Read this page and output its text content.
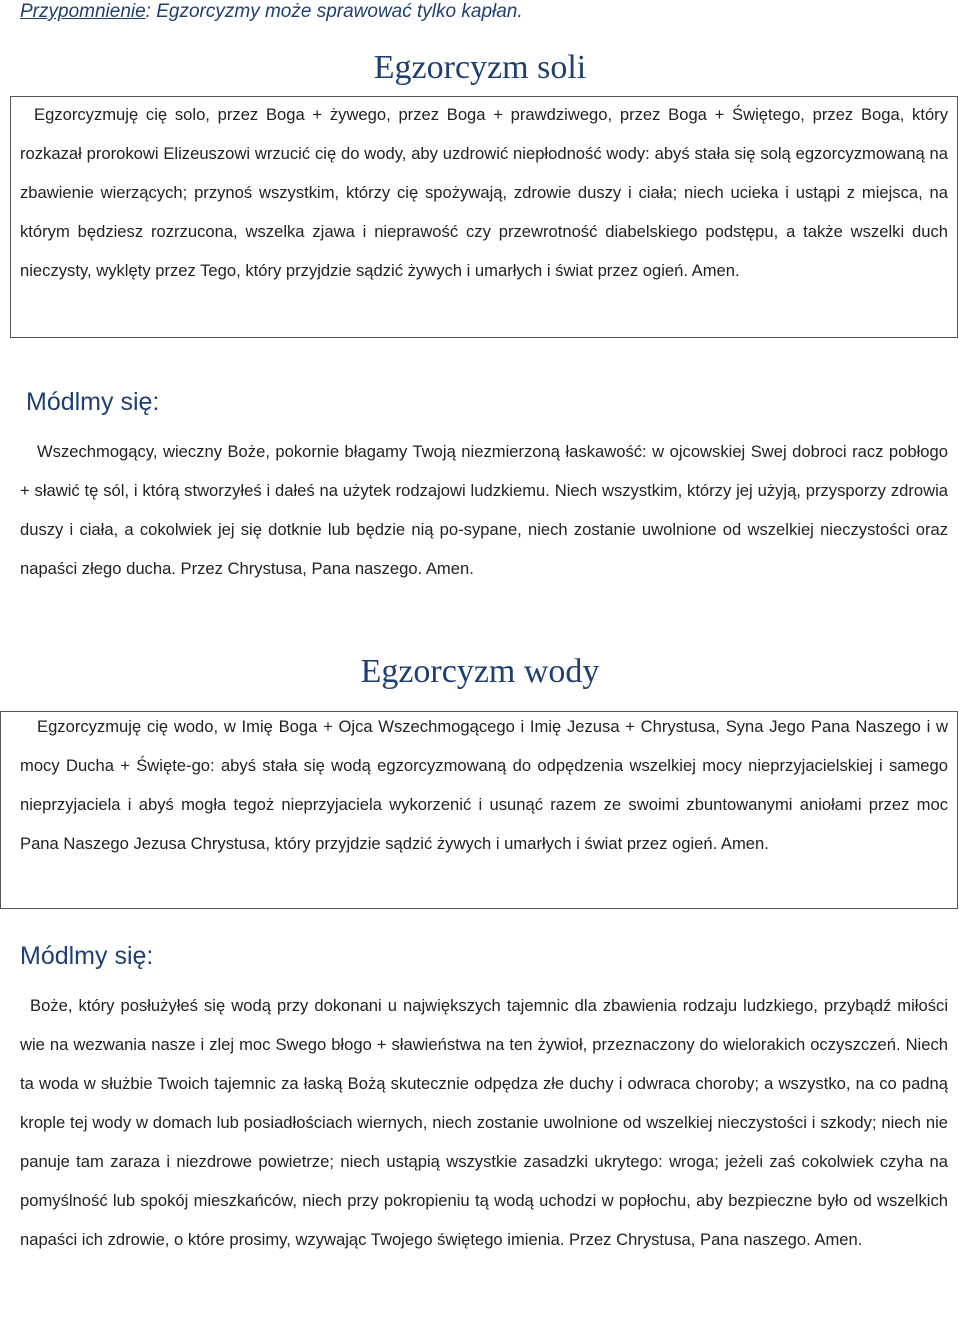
Przypomnienie: Egzorcyzmy może sprawować tylko kapłan.
Egzorcyzm soli

Egzorcyzmuję cię solo, przez Boga + żywego, przez Boga + prawdziwego, przez Boga + Świętego, przez Boga, który rozkazał prorokowi Elizeuszowi wrzucić cię do wody, aby uzdrowić niepłodność wody: abyś stała się solą egzorcyzmowaną na zbawienie wierzących; przynoś wszystkim, którzy cię spożywają, zdrowie duszy i ciała; niech ucieka i ustąpi z miejsca, na którym będziesz rozrzucona, wszelka zjawa i nieprawość czy przewrotność diabelskiego podstępu, a także wszelki duch nieczysty, wyklęty przez Tego, który przyjdzie sądzić żywych i umarłych i świat przez ogień. Amen.

Módlmy się:

Wszechmogący, wieczny Boże, pokornie błagamy Twoją niezmierzoną łaskawość: w ojcowskiej Swej dobroci racz pobłogo + sławić tę sól, i którą stworzyłeś i dałeś na użytek rodzajowi ludzkiemu. Niech wszystkim, którzy jej użyją, przysporzy zdrowia duszy i ciała, a cokolwiek jej się dotknie lub będzie nią po-sypane, niech zostanie uwolnione od wszelkiej nieczystości oraz napaści złego ducha. Przez Chrystusa, Pana naszego. Amen.

Egzorcyzm wody

Egzorcyzmuję cię wodo, w Imię Boga + Ojca Wszechmogącego i Imię Jezusa + Chrystusa, Syna Jego Pana Naszego i w mocy Ducha + Święte-go: abyś stała się wodą egzorcyzmowaną do odpędzenia wszelkiej mocy nieprzyjacielskiej i samego nieprzyjaciela i abyś mogła tegoż nieprzyjaciela wykorzenić i usunąć razem ze swoimi zbuntowanymi aniołami przez moc Pana Naszego Jezusa Chrystusa, który przyjdzie sądzić żywych i umarłych i świat przez ogień. Amen.

Módlmy się:

Boże, który posłużyłeś się wodą przy dokonani u największych tajemnic dla zbawienia rodzaju ludzkiego, przybądź miłości wie na wezwania nasze i zlej moc Swego błogo + sławieństwa na ten żywioł, przeznaczony do wielorakich oczyszczeń. Niech ta woda w służbie Twoich tajemnic za łaską Bożą skutecznie odpędza złe duchy i odwraca choroby; a wszystko, na co padną krople tej wody w domach lub posiadłościach wiernych, niech zostanie uwolnione od wszelkiej nieczystości i szkody; niech nie panuje tam zaraza i niezdrowe powietrze; niech ustąpią wszystkie zasadzki ukrytego: wroga; jeżeli zaś cokolwiek czyha na pomyślność lub spokój mieszkańców, niech przy pokropieniu tą wodą uchodzi w popłochu, aby bezpieczne było od wszelkich napaści ich zdrowie, o które prosimy, wzywając Twojego świętego imienia. Przez Chrystusa, Pana naszego. Amen.
